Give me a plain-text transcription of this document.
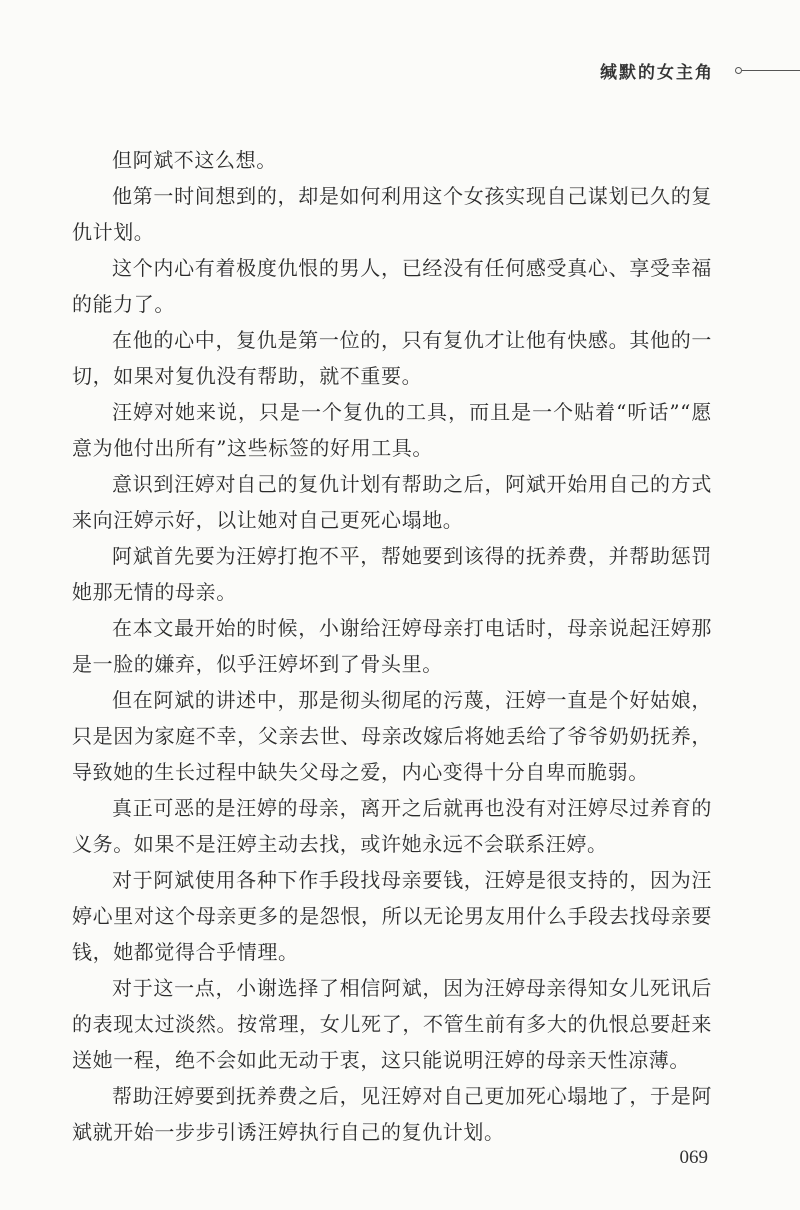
缄默的女主角

但阿斌不这么想。

他第一时间想到的，却是如何利用这个女孩实现自己谋划已久的复仇计划。

这个内心有着极度仇恨的男人，已经没有任何感受真心、享受幸福的能力了。

在他的心中，复仇是第一位的，只有复仇才让他有快感。其他的一切，如果对复仇没有帮助，就不重要。

汪婷对她来说，只是一个复仇的工具，而且是一个贴着“听话”“愿意为他付出所有”这些标签的好用工具。

意识到汪婷对自己的复仇计划有帮助之后，阿斌开始用自己的方式来向汪婷示好，以让她对自己更死心塌地。

阿斌首先要为汪婷打抱不平，帮她要到该得的抚养费，并帮助惩罚她那无情的母亲。

在本文最开始的时候，小谢给汪婷母亲打电话时，母亲说起汪婷那是一脸的嫌弃，似乎汪婷坏到了骨头里。

但在阿斌的讲述中，那是彻头彻尾的污蔑，汪婷一直是个好姑娘，只是因为家庭不幸，父亲去世、母亲改嫁后将她丢给了爷爷奶奶抚养，导致她的生长过程中缺失父母之爱，内心变得十分自卑而脆弱。

真正可恶的是汪婷的母亲，离开之后就再也没有对汪婷尽过养育的义务。如果不是汪婷主动去找，或许她永远不会联系汪婷。

对于阿斌使用各种下作手段找母亲要钱，汪婷是很支持的，因为汪婷心里对这个母亲更多的是怨恨，所以无论男友用什么手段去找母亲要钱，她都觉得合乎情理。

对于这一点，小谢选择了相信阿斌，因为汪婷母亲得知女儿死讯后的表现太过淡然。按常理，女儿死了，不管生前有多大的仇恨总要赶来送她一程，绝不会如此无动于衷，这只能说明汪婷的母亲天性凉薄。

帮助汪婷要到抚养费之后，见汪婷对自己更加死心塌地了，于是阿斌就开始一步步引诱汪婷执行自己的复仇计划。

069
